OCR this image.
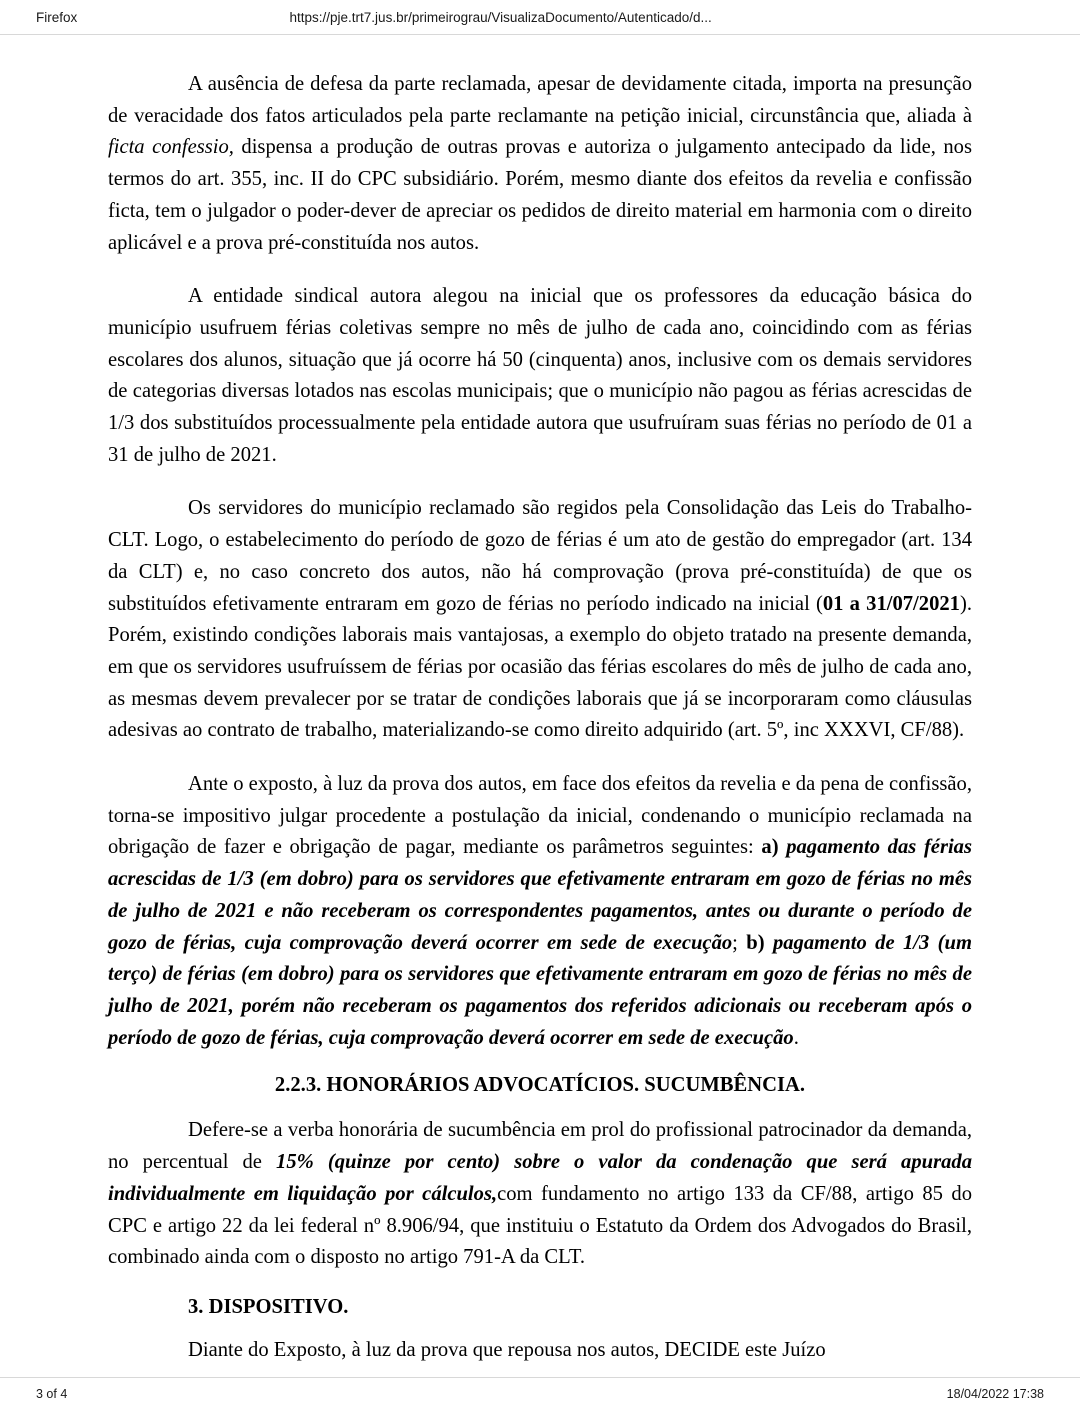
Firefox	https://pje.trt7.jus.br/primeirograu/VisualizaDocumento/Autenticado/d...

A ausência de defesa da parte reclamada, apesar de devidamente citada, importa na presunção de veracidade dos fatos articulados pela parte reclamante na petição inicial, circunstância que, aliada à ficta confessio, dispensa a produção de outras provas e autoriza o julgamento antecipado da lide, nos termos do art. 355, inc. II do CPC subsidiário. Porém, mesmo diante dos efeitos da revelia e confissão ficta, tem o julgador o poder-dever de apreciar os pedidos de direito material em harmonia com o direito aplicável e a prova pré-constituída nos autos.

A entidade sindical autora alegou na inicial que os professores da educação básica do município usufruem férias coletivas sempre no mês de julho de cada ano, coincidindo com as férias escolares dos alunos, situação que já ocorre há 50 (cinquenta) anos, inclusive com os demais servidores de categorias diversas lotados nas escolas municipais; que o município não pagou as férias acrescidas de 1/3 dos substituídos processualmente pela entidade autora que usufruíram suas férias no período de 01 a 31 de julho de 2021.

Os servidores do município reclamado são regidos pela Consolidação das Leis do Trabalho-CLT. Logo, o estabelecimento do período de gozo de férias é um ato de gestão do empregador (art. 134 da CLT) e, no caso concreto dos autos, não há comprovação (prova pré-constituída) de que os substituídos efetivamente entraram em gozo de férias no período indicado na inicial (01 a 31/07/2021). Porém, existindo condições laborais mais vantajosas, a exemplo do objeto tratado na presente demanda, em que os servidores usufruíssem de férias por ocasião das férias escolares do mês de julho de cada ano, as mesmas devem prevalecer por se tratar de condições laborais que já se incorporaram como cláusulas adesivas ao contrato de trabalho, materializando-se como direito adquirido (art. 5º, inc XXXVI, CF/88).

Ante o exposto, à luz da prova dos autos, em face dos efeitos da revelia e da pena de confissão, torna-se impositivo julgar procedente a postulação da inicial, condenando o município reclamada na obrigação de fazer e obrigação de pagar, mediante os parâmetros seguintes: a) pagamento das férias acrescidas de 1/3 (em dobro) para os servidores que efetivamente entraram em gozo de férias no mês de julho de 2021 e não receberam os correspondentes pagamentos, antes ou durante o período de gozo de férias, cuja comprovação deverá ocorrer em sede de execução; b) pagamento de 1/3 (um terço) de férias (em dobro) para os servidores que efetivamente entraram em gozo de férias no mês de julho de 2021, porém não receberam os pagamentos dos referidos adicionais ou receberam após o período de gozo de férias, cuja comprovação deverá ocorrer em sede de execução.

2.2.3. HONORÁRIOS ADVOCATÍCIOS. SUCUMBÊNCIA.

Defere-se a verba honorária de sucumbência em prol do profissional patrocinador da demanda, no percentual de 15% (quinze por cento) sobre o valor da condenação que será apurada individualmente em liquidação por cálculos,com fundamento no artigo 133 da CF/88, artigo 85 do CPC e artigo 22 da lei federal nº 8.906/94, que instituiu o Estatuto da Ordem dos Advogados do Brasil, combinado ainda com o disposto no artigo 791-A da CLT.

3. DISPOSITIVO.

Diante do Exposto, à luz da prova que repousa nos autos, DECIDE este Juízo

3 of 4	18/04/2022 17:38
